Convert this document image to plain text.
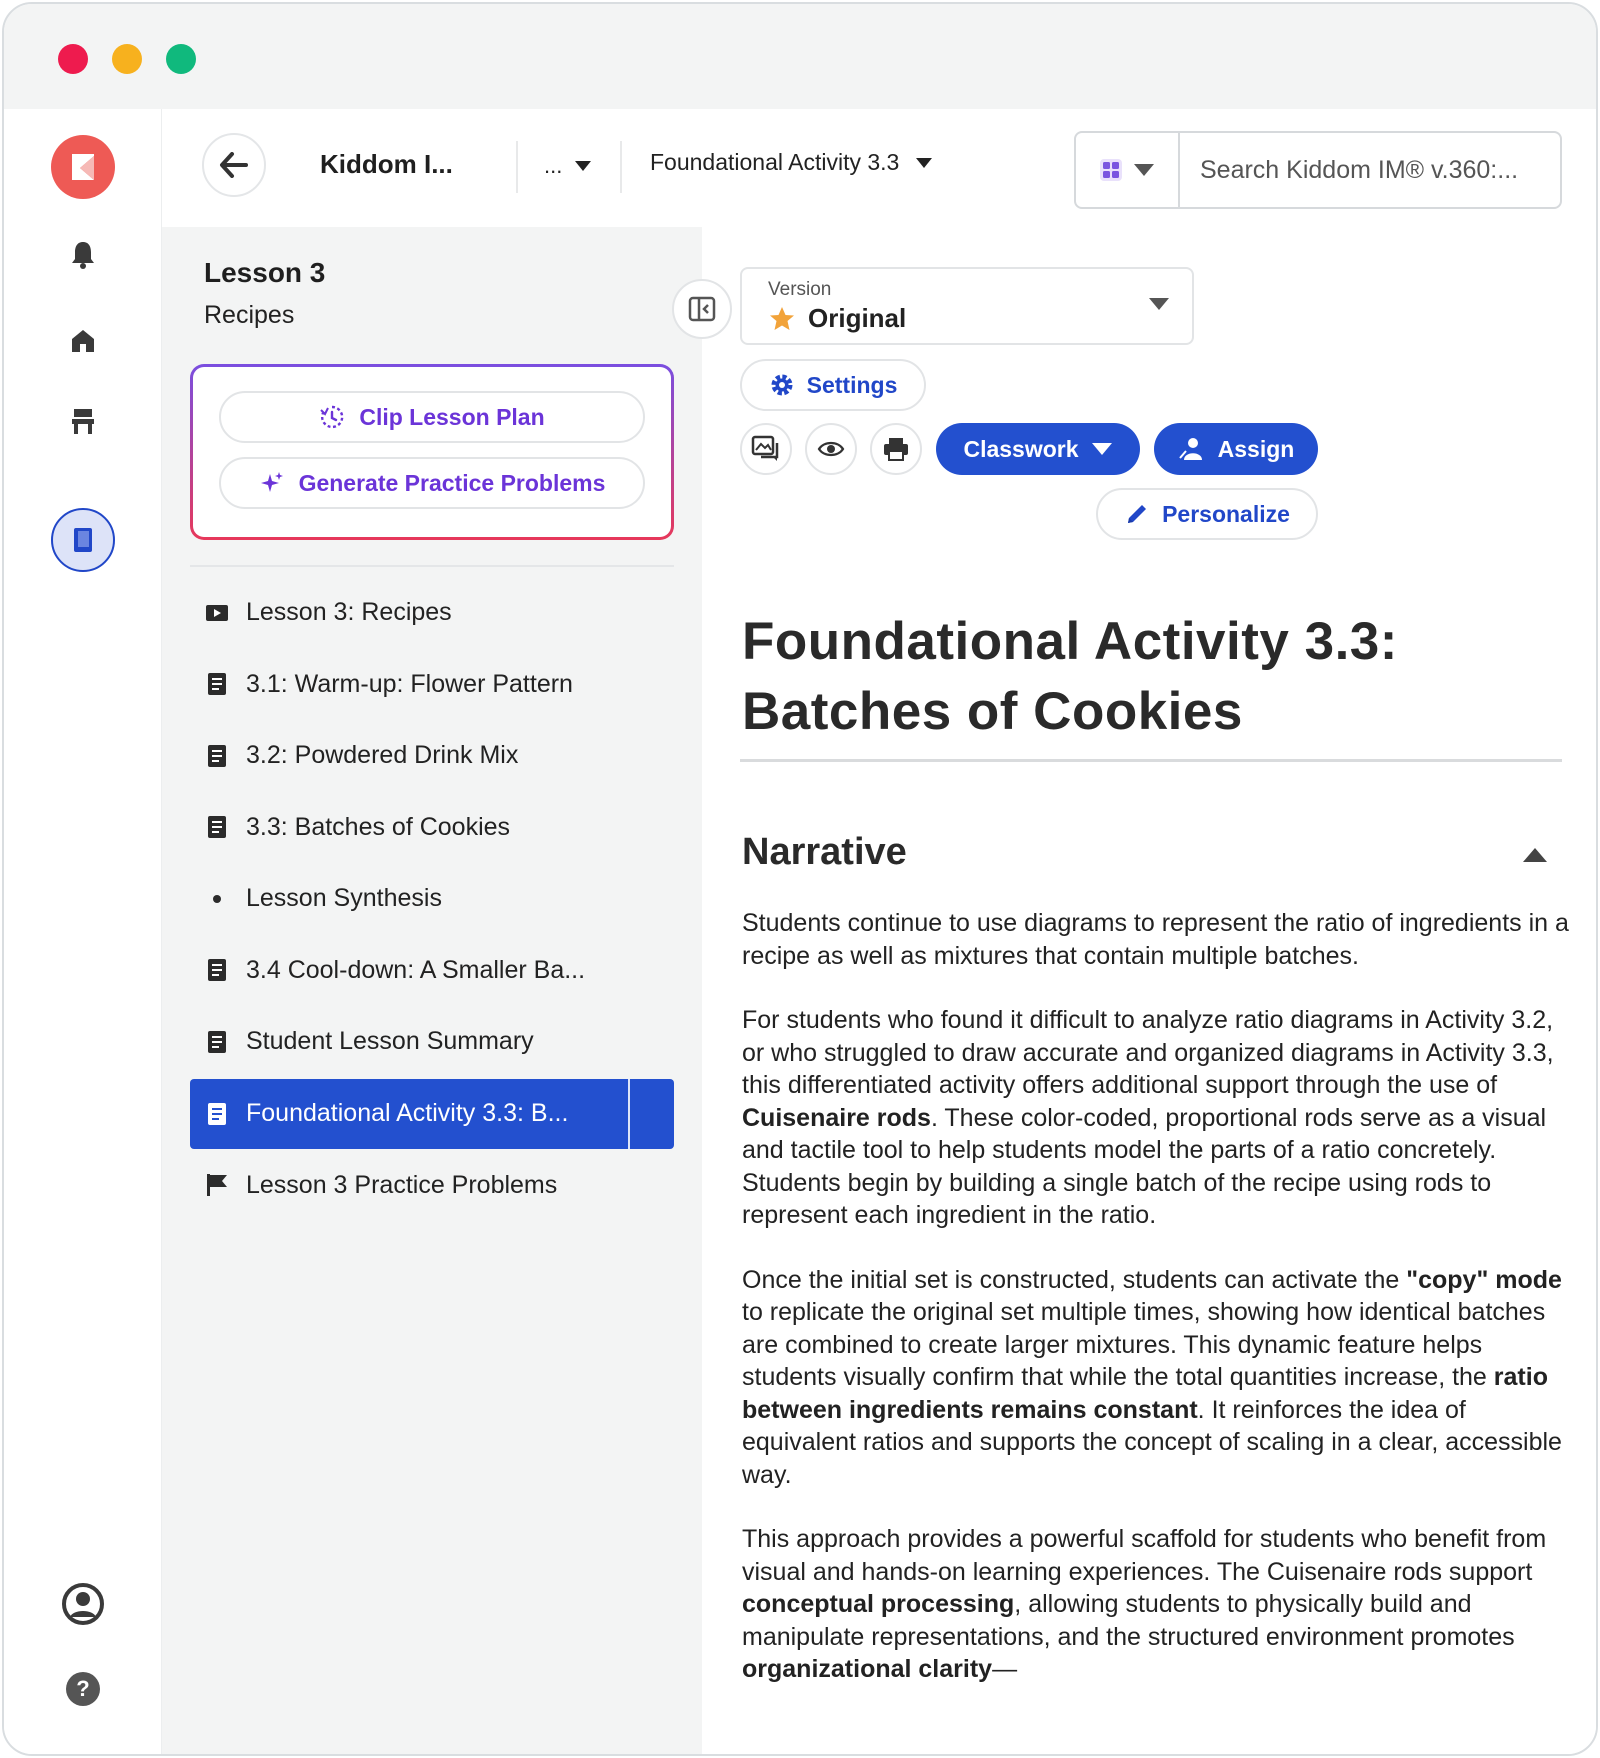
?
Kiddom I...	...	Foundational Activity 3.3
Search Kiddom IM® v.360:...
Lesson 3
Recipes
Clip Lesson Plan
Generate Practice Problems
Lesson 3: Recipes
3.1: Warm-up: Flower Pattern
3.2: Powdered Drink Mix
3.3: Batches of Cookies
Lesson Synthesis
3.4 Cool-down: A Smaller Ba...
Student Lesson Summary
Foundational Activity 3.3: B...
Lesson 3 Practice Problems
Version
Original
Settings
Classwork	Assign
Personalize
Foundational Activity 3.3:
Batches of Cookies
Narrative

Students continue to use diagrams to represent the ratio of ingredients in a recipe as well as mixtures that contain multiple batches.

For students who found it difficult to analyze ratio diagrams in Activity 3.2, or who struggled to draw accurate and organized diagrams in Activity 3.3, this differentiated activity offers additional support through the use of Cuisenaire rods. These color-coded, proportional rods serve as a visual and tactile tool to help students model the parts of a ratio concretely. Students begin by building a single batch of the recipe using rods to represent each ingredient in the ratio.

Once the initial set is constructed, students can activate the "copy" mode to replicate the original set multiple times, showing how identical batches are combined to create larger mixtures. This dynamic feature helps students visually confirm that while the total quantities increase, the ratio between ingredients remains constant. It reinforces the idea of equivalent ratios and supports the concept of scaling in a clear, accessible way.

This approach provides a powerful scaffold for students who benefit from visual and hands-on learning experiences. The Cuisenaire rods support conceptual processing, allowing students to physically build and manipulate representations, and the structured environment promotes organizational clarity—
